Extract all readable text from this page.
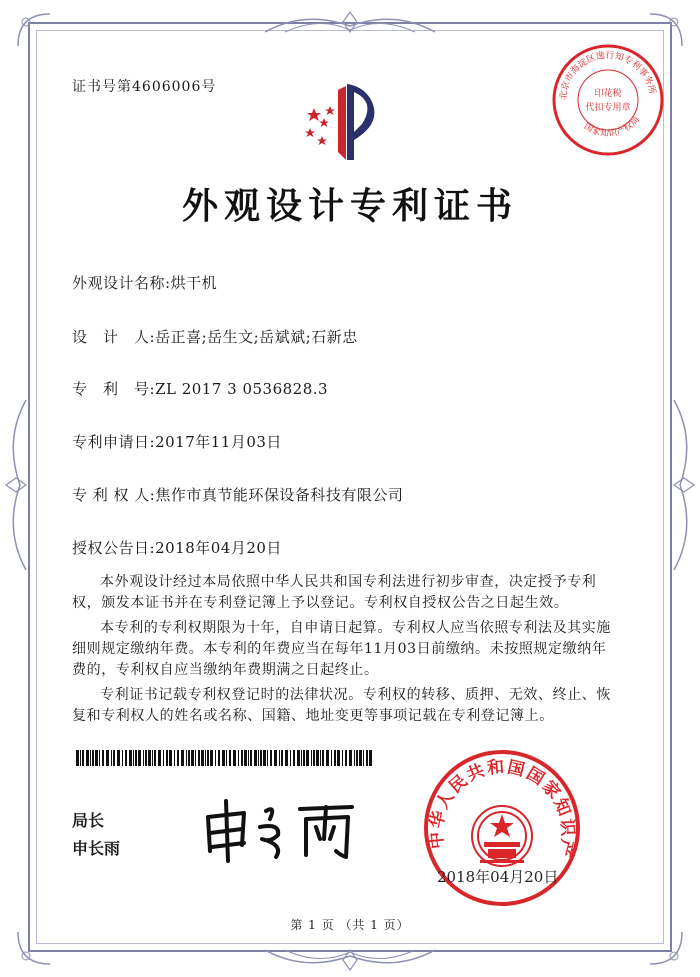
证书号第4606006号
外观设计专利证书
北京市海淀区逸行知专利事务所
印花税
代扣专用章
国家知识产权局
外观设计名称:烘干机
设　计　人:岳正喜;岳生文;岳斌斌;石新忠
专　利　号:ZL 2017 3 0536828.3
专利申请日:2017年11月03日
专 利 权 人:焦作市真节能环保设备科技有限公司
授权公告日:2018年04月20日

本外观设计经过本局依照中华人民共和国专利法进行初步审查，决定授予专利权，颁发本证书并在专利登记簿上予以登记。专利权自授权公告之日起生效。

本专利的专利权期限为十年，自申请日起算。专利权人应当依照专利法及其实施细则规定缴纳年费。本专利的年费应当在每年11月03日前缴纳。未按照规定缴纳年费的，专利权自应当缴纳年费期满之日起终止。

专利证书记载专利权登记时的法律状况。专利权的转移、质押、无效、终止、恢复和专利权人的姓名或名称、国籍、地址变更等事项记载在专利登记簿上。

局长
申长雨	中华人民共和国国家知识产
2018年04月20日
第 1 页 （共 1 页）
